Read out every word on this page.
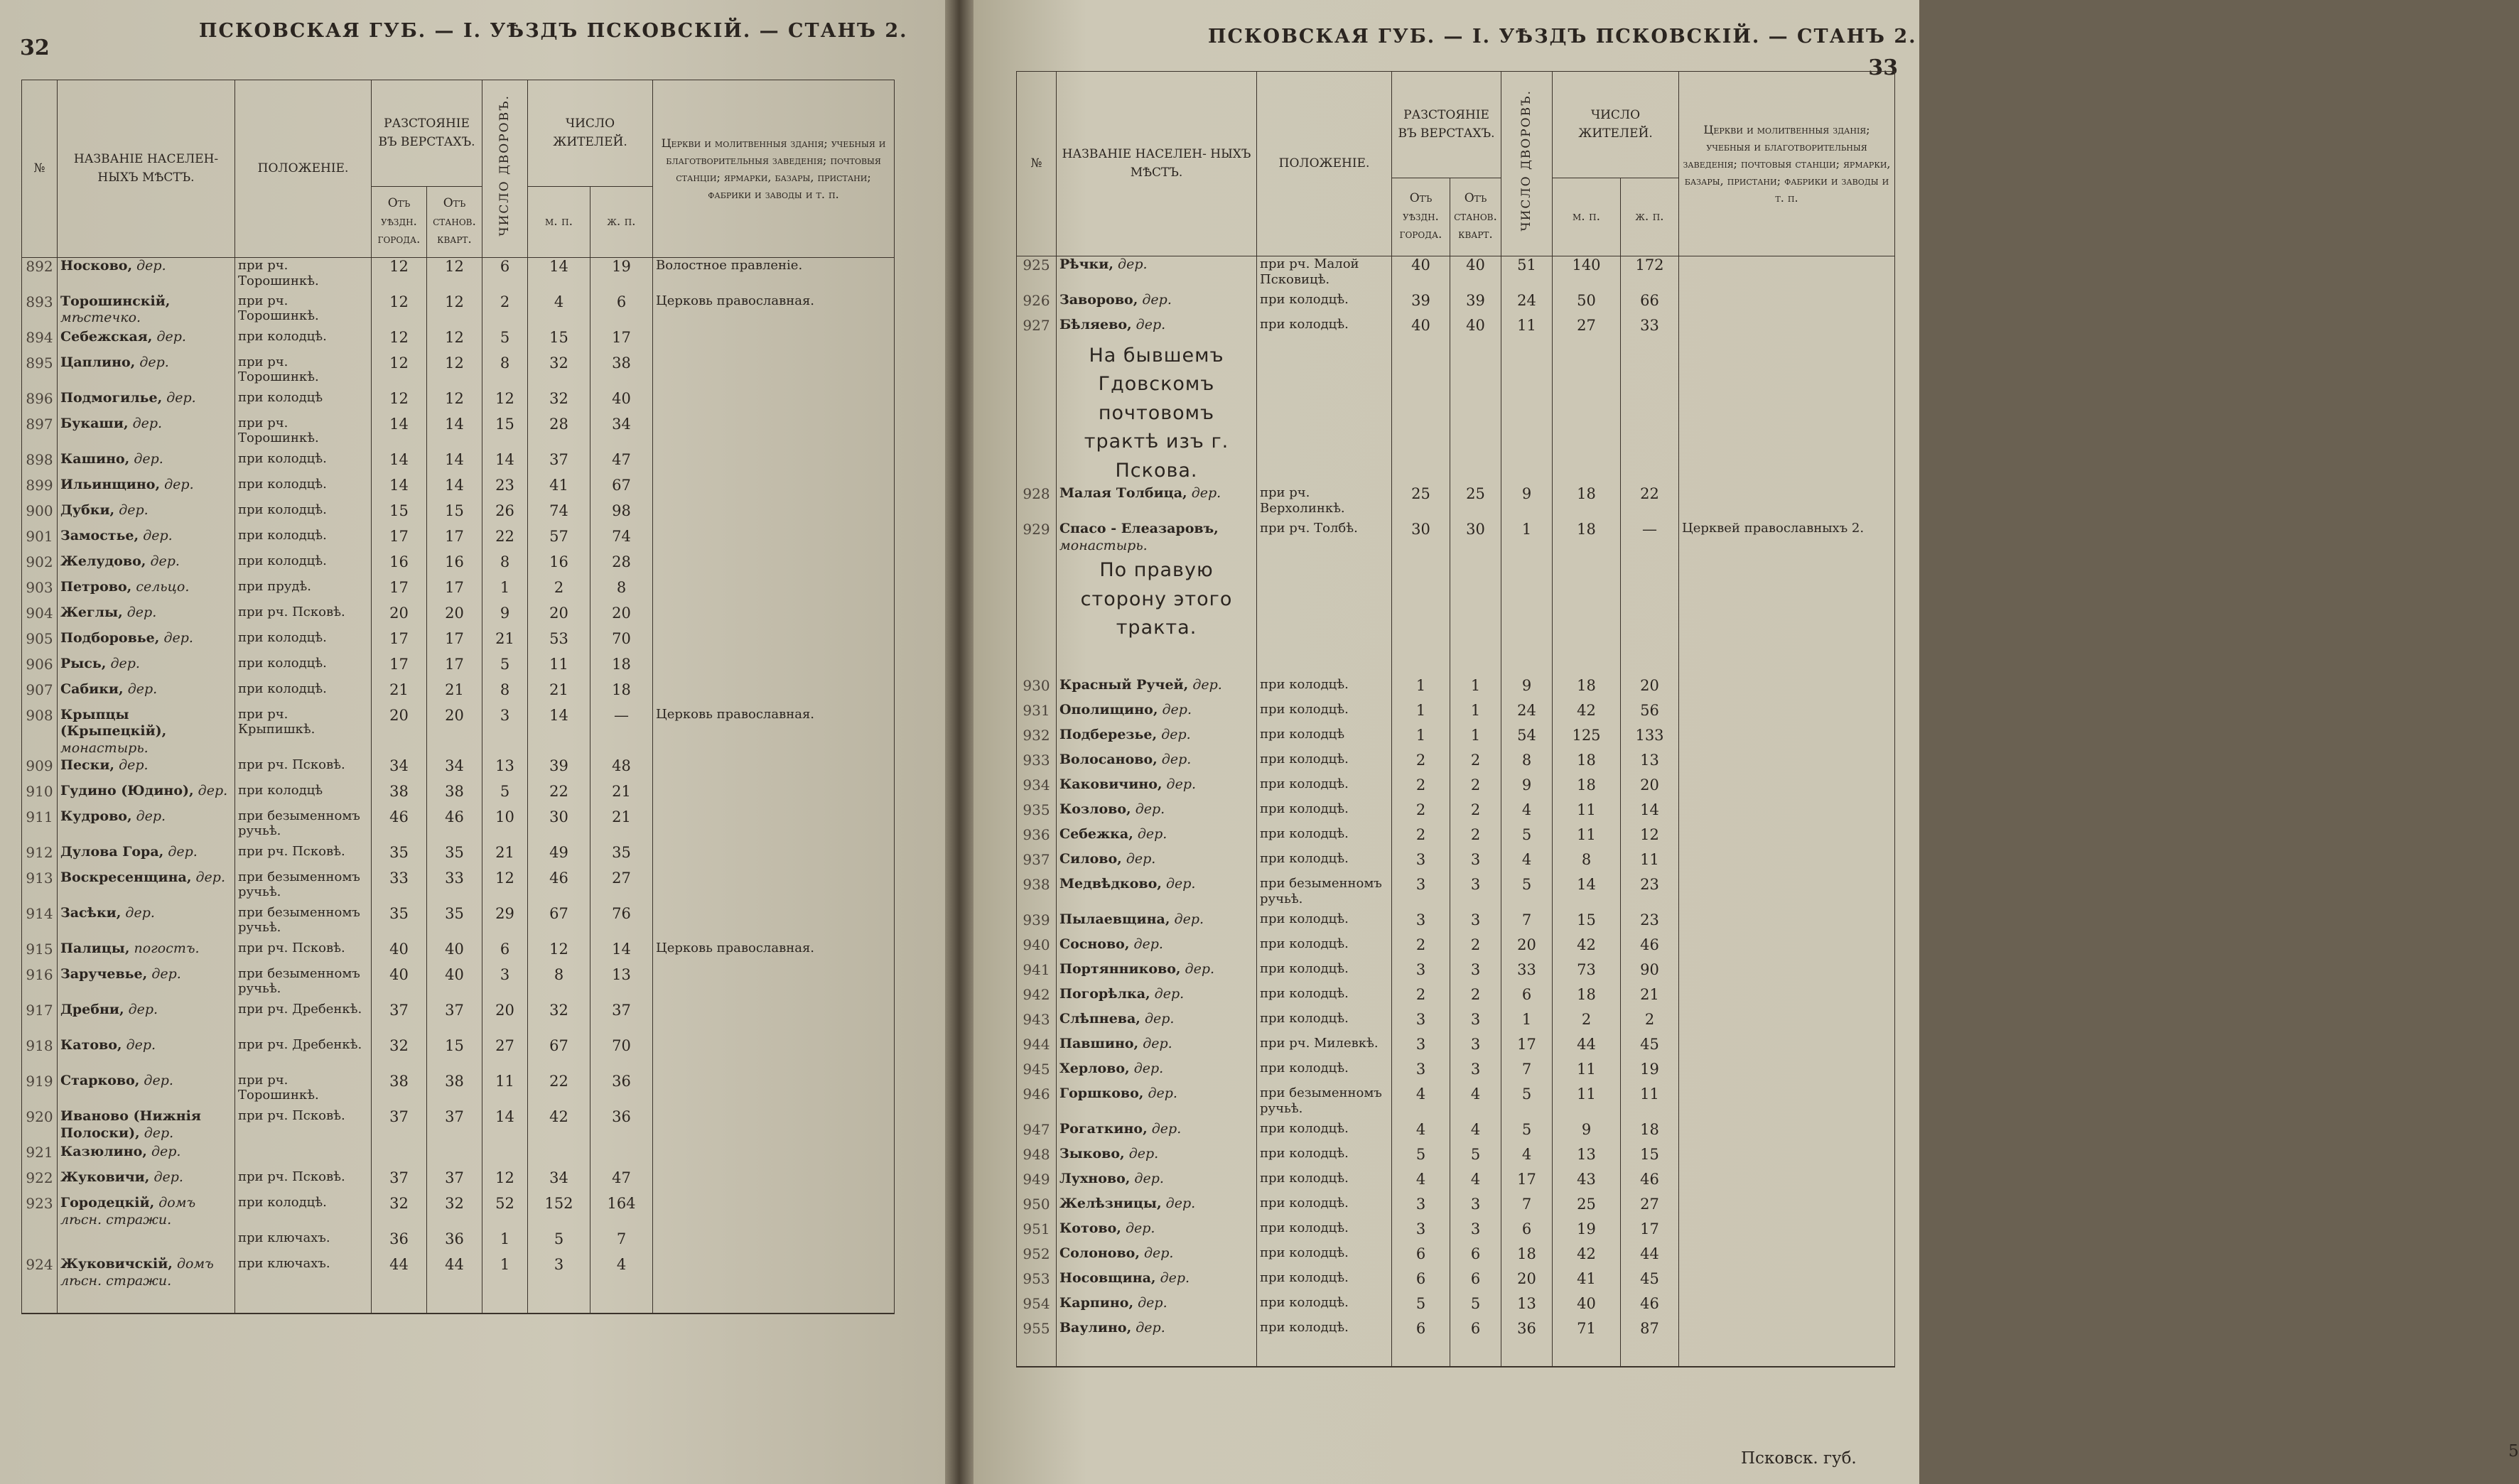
32
ПСКОВСКАЯ ГУБ. — I. УѢЗДЪ ПСКОВСКІЙ. — СТАНЪ 2.
№	НАЗВАНІЕ НАСЕЛЕН- НЫХЪ МѢСТЪ.	ПОЛОЖЕНІЕ.	РАЗСТОЯНІЕ ВЪ ВЕРСТАХЪ.		ЧИСЛО ДВОРОВЪ.	ЧИСЛО ЖИТЕЛЕЙ.		Церкви и молитвенныя зданія; учебныя и благотворительныя заведенія; почтовыя станціи; ярмарки, базары, пристани; фабрики и заводы и т. п.
			Отъ уѣздн. города.	Отъ станов. кварт.		м. п.	ж. п.	
892	Носково, дер.	при рч. Торошинкѣ.	12	12	6	14	19	Волостное правленіе.
893	Торошинскій, мѣстечко.	при рч. Торошинкѣ.	12	12	2	4	6	Церковь православная.
894	Себежская, дер.	при колодцѣ.	12	12	5	15	17	
895	Цаплино, дер.	при рч. Торошинкѣ.	12	12	8	32	38	
896	Подмогилье, дер.	при колодцѣ	12	12	12	32	40	
897	Букаши, дер.	при рч. Торошинкѣ.	14	14	15	28	34	
898	Кашино, дер.	при колодцѣ.	14	14	14	37	47	
899	Ильинщино, дер.	при колодцѣ.	14	14	23	41	67	
900	Дубки, дер.	при колодцѣ.	15	15	26	74	98	
901	Замостье, дер.	при колодцѣ.	17	17	22	57	74	
902	Желудово, дер.	при колодцѣ.	16	16	8	16	28	
903	Петрово, сельцо.	при прудѣ.	17	17	1	2	8	
904	Жеглы, дер.	при рч. Псковѣ.	20	20	9	20	20	
905	Подборовье, дер.	при колодцѣ.	17	17	21	53	70	
906	Рысь, дер.	при колодцѣ.	17	17	5	11	18	
907	Сабики, дер.	при колодцѣ.	21	21	8	21	18	
908	Крыпцы (Крыпецкій), монастырь.	при рч. Крыпишкѣ.	20	20	3	14	—	Церковь православная.
909	Пески, дер.	при рч. Псковѣ.	34	34	13	39	48	
910	Гудино (Юдино), дер.	при колодцѣ	38	38	5	22	21	
911	Кудрово, дер.	при безыменномъ ручьѣ.	46	46	10	30	21	
912	Дулова Гора, дер.	при рч. Псковѣ.	35	35	21	49	35	
913	Воскресенщина, дер.	при безыменномъ ручьѣ.	33	33	12	46	27	
914	Засѣки, дер.	при безыменномъ ручьѣ.	35	35	29	67	76	
915	Палицы, погостъ.	при рч. Псковѣ.	40	40	6	12	14	Церковь православная.
916	Заручевье, дер.	при безыменномъ ручьѣ.	40	40	3	8	13	
917	Дребни, дер.	при рч. Дребенкѣ.	37	37	20	32	37	
918	Катово, дер.	при рч. Дребенкѣ.	32	15	27	67	70	
919	Старково, дер.	при рч. Торошинкѣ.	38	38	11	22	36	
920	Иваново (Нижнія Полоски), дер.	при рч. Псковѣ.	37	37	14	42	36	
921	Казюлино, дер.							
922	Жуковичи, дер.	при рч. Псковѣ.	37	37	12	34	47	
923	Городецкій, домъ лѣсн. стражи.	при колодцѣ.	32	32	52	152	164	
		при ключахъ.	36	36	1	5	7	
924	Жуковичскій, домъ лѣсн. стражи.	при ключахъ.	44	44	1	3	4	

ПСКОВСКАЯ ГУБ. — I. УѢЗДЪ ПСКОВСКІЙ. — СТАНЪ 2.
33
№	НАЗВАНІЕ НАСЕЛЕН- НЫХЪ МѢСТЪ.	ПОЛОЖЕНІЕ.	РАЗСТОЯНІЕ ВЪ ВЕРСТАХЪ.		ЧИСЛО ДВОРОВЪ.	ЧИСЛО ЖИТЕЛЕЙ.		Церкви и молитвенныя зданія; учебныя и благотворительныя заведенія; почтовыя станціи; ярмарки, базары, пристани; фабрики и заводы и т. п.
			Отъ уѣздн. города.	Отъ станов. кварт.		м. п.	ж. п.	
925	Рѣчки, дер.	при рч. Малой Псковицѣ.	40	40	51	140	172	
926	Заворово, дер.	при колодцѣ.	39	39	24	50	66	
927	Бѣляево, дер.	при колодцѣ.	40	40	11	27	33	
	На бывшемъ Гдовскомъ почтовомъ трактѣ изъ г. Пскова.							
928	Малая Толбица, дер.	при рч. Верхолинкѣ.	25	25	9	18	22	
929	Спасо - Елеазаровъ, монастырь.	при рч. Толбѣ.	30	30	1	18	—	Церквей православныхъ 2.
	По правую сторону этого тракта.							
930	Красный Ручей, дер.	при колодцѣ.	1	1	9	18	20	
931	Ополищино, дер.	при колодцѣ.	1	1	24	42	56	
932	Подберезье, дер.	при колодцѣ	1	1	54	125	133	
933	Волосаново, дер.	при колодцѣ.	2	2	8	18	13	
934	Каковичино, дер.	при колодцѣ.	2	2	9	18	20	
935	Козлово, дер.	при колодцѣ.	2	2	4	11	14	
936	Себежка, дер.	при колодцѣ.	2	2	5	11	12	
937	Силово, дер.	при колодцѣ.	3	3	4	8	11	
938	Медвѣдково, дер.	при безыменномъ ручьѣ.	3	3	5	14	23	
939	Пылаевщина, дер.	при колодцѣ.	3	3	7	15	23	
940	Сосново, дер.	при колодцѣ.	2	2	20	42	46	
941	Портянниково, дер.	при колодцѣ.	3	3	33	73	90	
942	Погорѣлка, дер.	при колодцѣ.	2	2	6	18	21	
943	Слѣпнева, дер.	при колодцѣ.	3	3	1	2	2	
944	Павшино, дер.	при рч. Милевкѣ.	3	3	17	44	45	
945	Херлово, дер.	при колодцѣ.	3	3	7	11	19	
946	Горшково, дер.	при безыменномъ ручьѣ.	4	4	5	11	11	
947	Рогаткино, дер.	при колодцѣ.	4	4	5	9	18	
948	Зыково, дер.	при колодцѣ.	5	5	4	13	15	
949	Лухново, дер.	при колодцѣ.	4	4	17	43	46	
950	Желѣзницы, дер.	при колодцѣ.	3	3	7	25	27	
951	Котово, дер.	при колодцѣ.	3	3	6	19	17	
952	Солоново, дер.	при колодцѣ.	6	6	18	42	44	
953	Носовщина, дер.	при колодцѣ.	6	6	20	41	45	
954	Карпино, дер.	при колодцѣ.	5	5	13	40	46	
955	Ваулино, дер.	при колодцѣ.	6	6	36	71	87	

Псковск. губ.	5
